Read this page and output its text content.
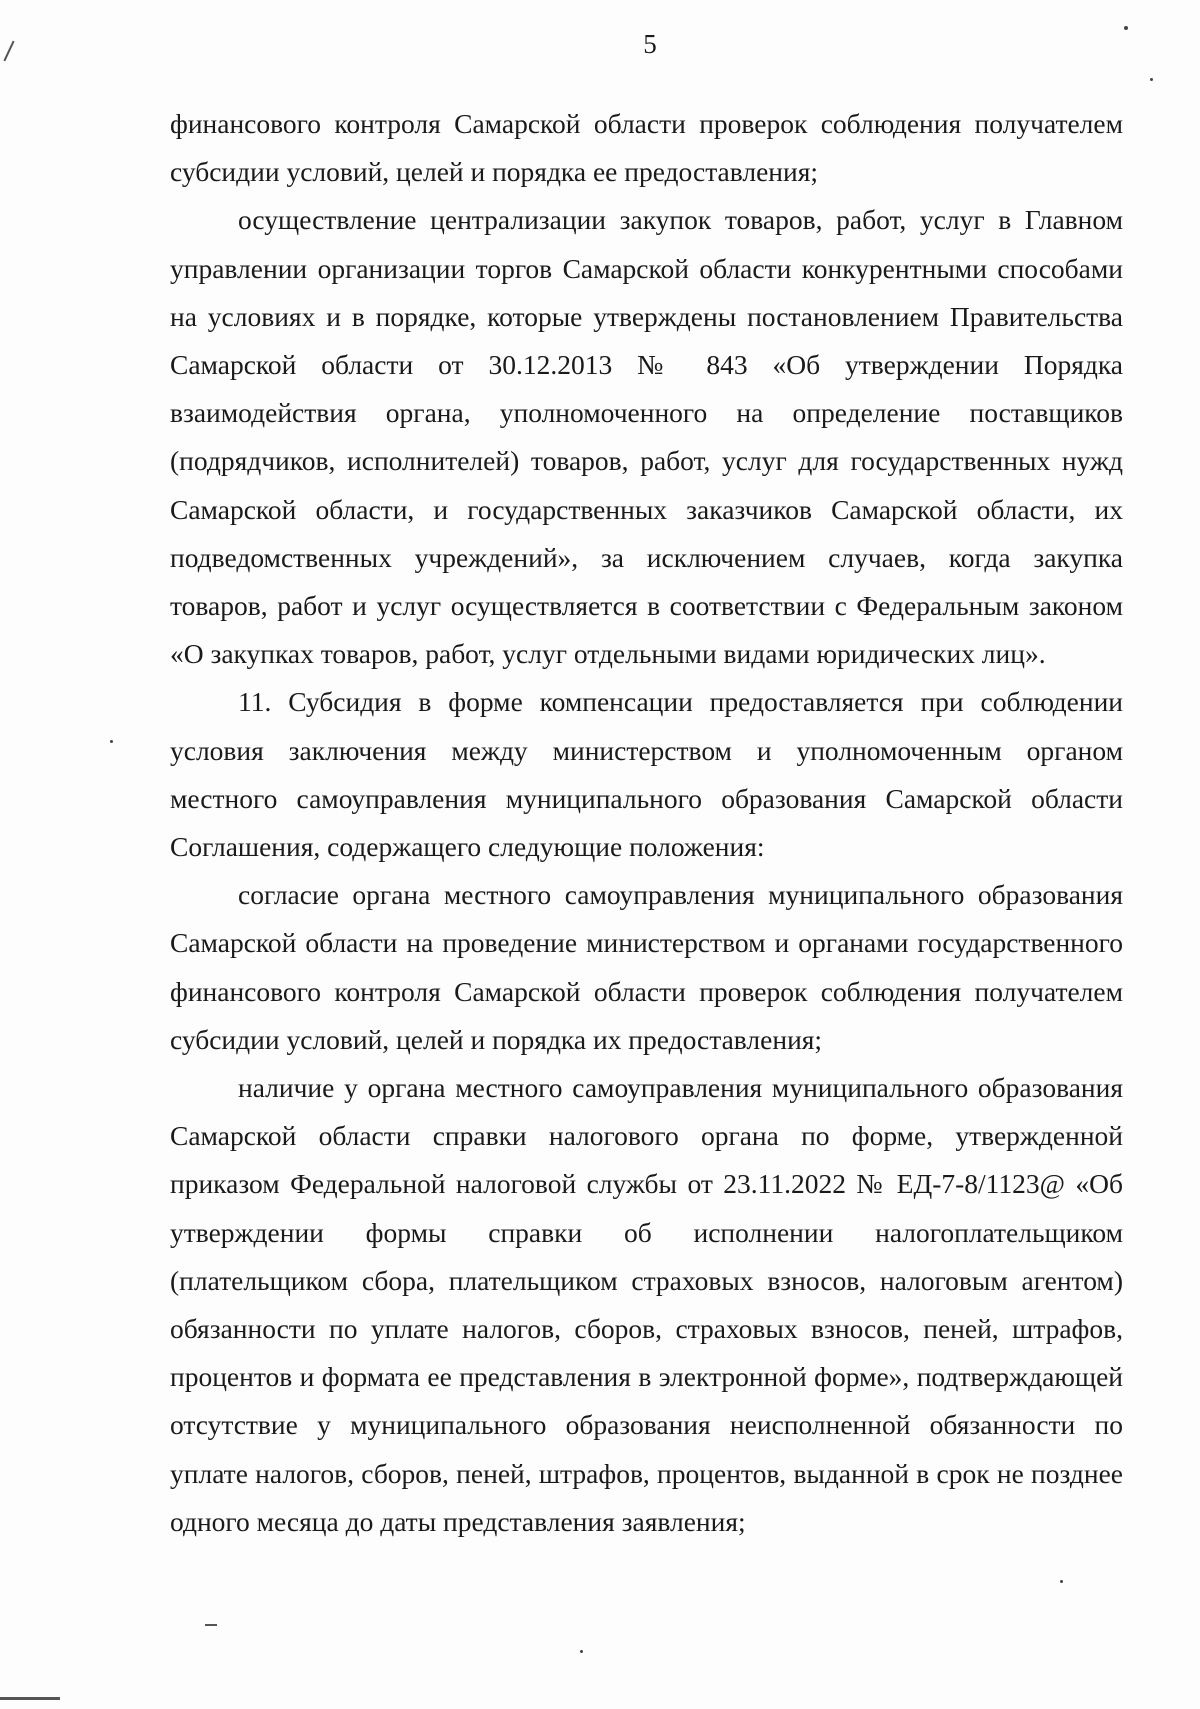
5

финансового контроля Самарской области проверок соблюдения получателем субсидии условий, целей и порядка ее предоставления;

осуществление централизации закупок товаров, работ, услуг в Главном управлении организации торгов Самарской области конкурентными способами на условиях и в порядке, которые утверждены постановлением Правительства Самарской области от 30.12.2013 № 843 «Об утверждении Порядка взаимодействия органа, уполномоченного на определение поставщиков (подрядчиков, исполнителей) товаров, работ, услуг для государственных нужд Самарской области, и государственных заказчиков Самарской области, их подведомственных учреждений», за исключением случаев, когда закупка товаров, работ и услуг осуществляется в соответствии с Федеральным законом «О закупках товаров, работ, услуг отдельными видами юридических лиц».

11. Субсидия в форме компенсации предоставляется при соблюдении условия заключения между министерством и уполномоченным органом местного самоуправления муниципального образования Самарской области Соглашения, содержащего следующие положения:

согласие органа местного самоуправления муниципального образования Самарской области на проведение министерством и органами государственного финансового контроля Самарской области проверок соблюдения получателем субсидии условий, целей и порядка их предоставления;

наличие у органа местного самоуправления муниципального образования Самарской области справки налогового органа по форме, утвержденной приказом Федеральной налоговой службы от 23.11.2022 № ЕД-7-8/1123@ «Об утверждении формы справки об исполнении налогоплательщиком (плательщиком сбора, плательщиком страховых взносов, налоговым агентом) обязанности по уплате налогов, сборов, страховых взносов, пеней, штрафов, процентов и формата ее представления в электронной форме», подтверждающей отсутствие у муниципального образования неисполненной обязанности по уплате налогов, сборов, пеней, штрафов, процентов, выданной в срок не позднее одного месяца до даты представления заявления;
